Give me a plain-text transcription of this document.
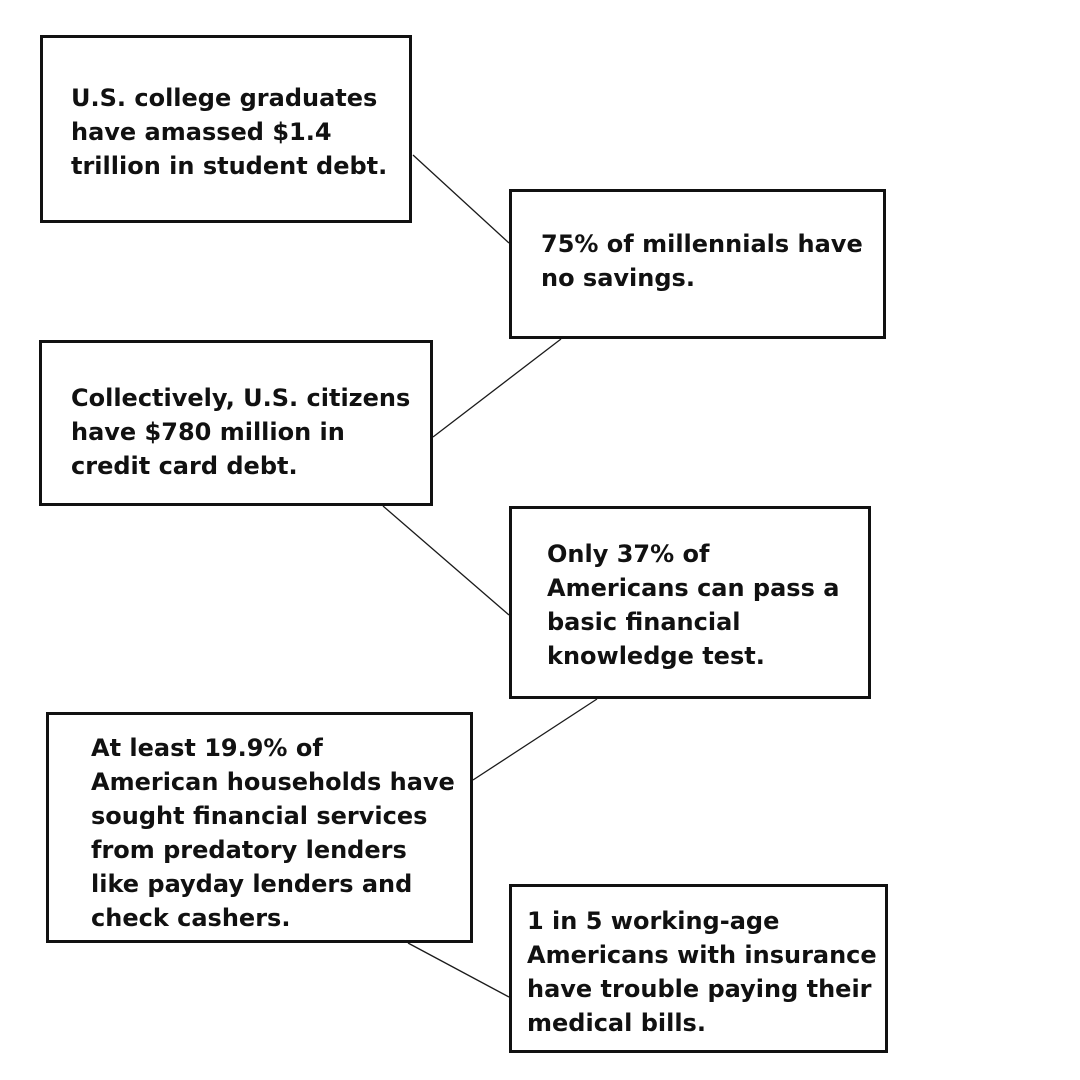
U.S. college graduates
have amassed $1.4
trillion in student debt.

75% of millennials have
no savings.

Collectively, U.S. citizens
have $780 million in
credit card debt.

Only 37% of
Americans can pass a
basic financial
knowledge test.

At least 19.9% of
American households have
sought financial services
from predatory lenders
like payday lenders and
check cashers.	1 in 5 working-age
Americans with insurance
have trouble paying their
medical bills.
